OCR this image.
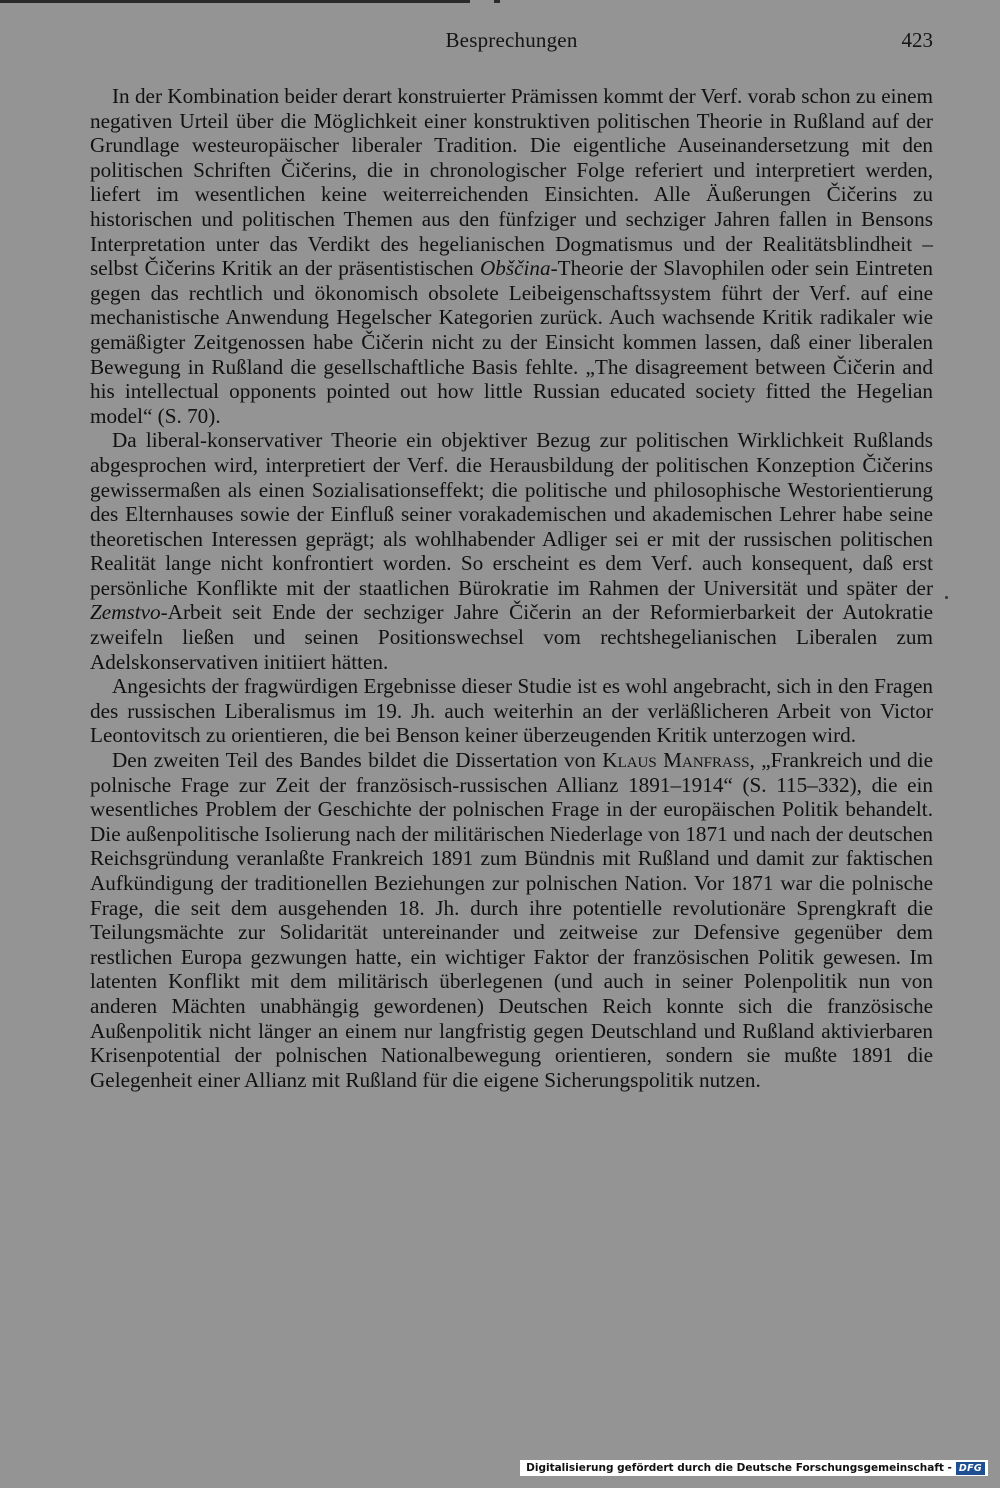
Besprechungen	423

In der Kombination beider derart konstruierter Prämissen kommt der Verf. vorab schon zu einem negativen Urteil über die Möglichkeit einer konstruktiven politischen Theorie in Rußland auf der Grundlage westeuropäischer liberaler Tradition. Die eigentliche Auseinandersetzung mit den politischen Schriften Čičerins, die in chronologischer Folge referiert und interpretiert werden, liefert im wesentlichen keine weiterreichenden Einsichten. Alle Äußerungen Čičerins zu historischen und politischen Themen aus den fünfziger und sechziger Jahren fallen in Bensons Interpretation unter das Verdikt des hegelianischen Dogmatismus und der Realitätsblindheit – selbst Čičerins Kritik an der präsentistischen Obščina-Theorie der Slavophilen oder sein Eintreten gegen das rechtlich und ökonomisch obsolete Leibeigenschaftssystem führt der Verf. auf eine mechanistische Anwendung Hegelscher Kategorien zurück. Auch wachsende Kritik radikaler wie gemäßigter Zeitgenossen habe Čičerin nicht zu der Einsicht kommen lassen, daß einer liberalen Bewegung in Rußland die gesellschaftliche Basis fehlte. „The disagreement between Čičerin and his intellectual opponents pointed out how little Russian educated society fitted the Hegelian model“ (S. 70).

Da liberal-konservativer Theorie ein objektiver Bezug zur politischen Wirklichkeit Rußlands abgesprochen wird, interpretiert der Verf. die Herausbildung der politischen Konzeption Čičerins gewissermaßen als einen Sozialisationseffekt; die politische und philosophische Westorientierung des Elternhauses sowie der Einfluß seiner vorakademischen und akademischen Lehrer habe seine theoretischen Interessen geprägt; als wohlhabender Adliger sei er mit der russischen politischen Realität lange nicht konfrontiert worden. So erscheint es dem Verf. auch konsequent, daß erst persönliche Konflikte mit der staatlichen Bürokratie im Rahmen der Universität und später der Zemstvo-Arbeit seit Ende der sechziger Jahre Čičerin an der Reformierbarkeit der Autokratie zweifeln ließen und seinen Positionswechsel vom rechtshegelianischen Liberalen zum Adelskonservativen initiiert hätten.

Angesichts der fragwürdigen Ergebnisse dieser Studie ist es wohl angebracht, sich in den Fragen des russischen Liberalismus im 19. Jh. auch weiterhin an der verläßlicheren Arbeit von Victor Leontovitsch zu orientieren, die bei Benson keiner überzeugenden Kritik unterzogen wird.

Den zweiten Teil des Bandes bildet die Dissertation von Klaus Manfrass, „Frankreich und die polnische Frage zur Zeit der französisch-russischen Allianz 1891–1914“ (S. 115–332), die ein wesentliches Problem der Geschichte der polnischen Frage in der europäischen Politik behandelt. Die außenpolitische Isolierung nach der militärischen Niederlage von 1871 und nach der deutschen Reichsgründung veranlaßte Frankreich 1891 zum Bündnis mit Rußland und damit zur faktischen Aufkündigung der traditionellen Beziehungen zur polnischen Nation. Vor 1871 war die polnische Frage, die seit dem ausgehenden 18. Jh. durch ihre potentielle revolutionäre Sprengkraft die Teilungsmächte zur Solidarität untereinander und zeitweise zur Defensive gegenüber dem restlichen Europa gezwungen hatte, ein wichtiger Faktor der französischen Politik gewesen. Im latenten Konflikt mit dem militärisch überlegenen (und auch in seiner Polenpolitik nun von anderen Mächten unabhängig gewordenen) Deutschen Reich konnte sich die französische Außenpolitik nicht länger an einem nur langfristig gegen Deutschland und Rußland aktivierbaren Krisenpotential der polnischen Nationalbewegung orientieren, sondern sie mußte 1891 die Gelegenheit einer Allianz mit Rußland für die eigene Sicherungspolitik nutzen.

Digitalisierung gefördert durch die Deutsche Forschungsgemeinschaft - DFG
